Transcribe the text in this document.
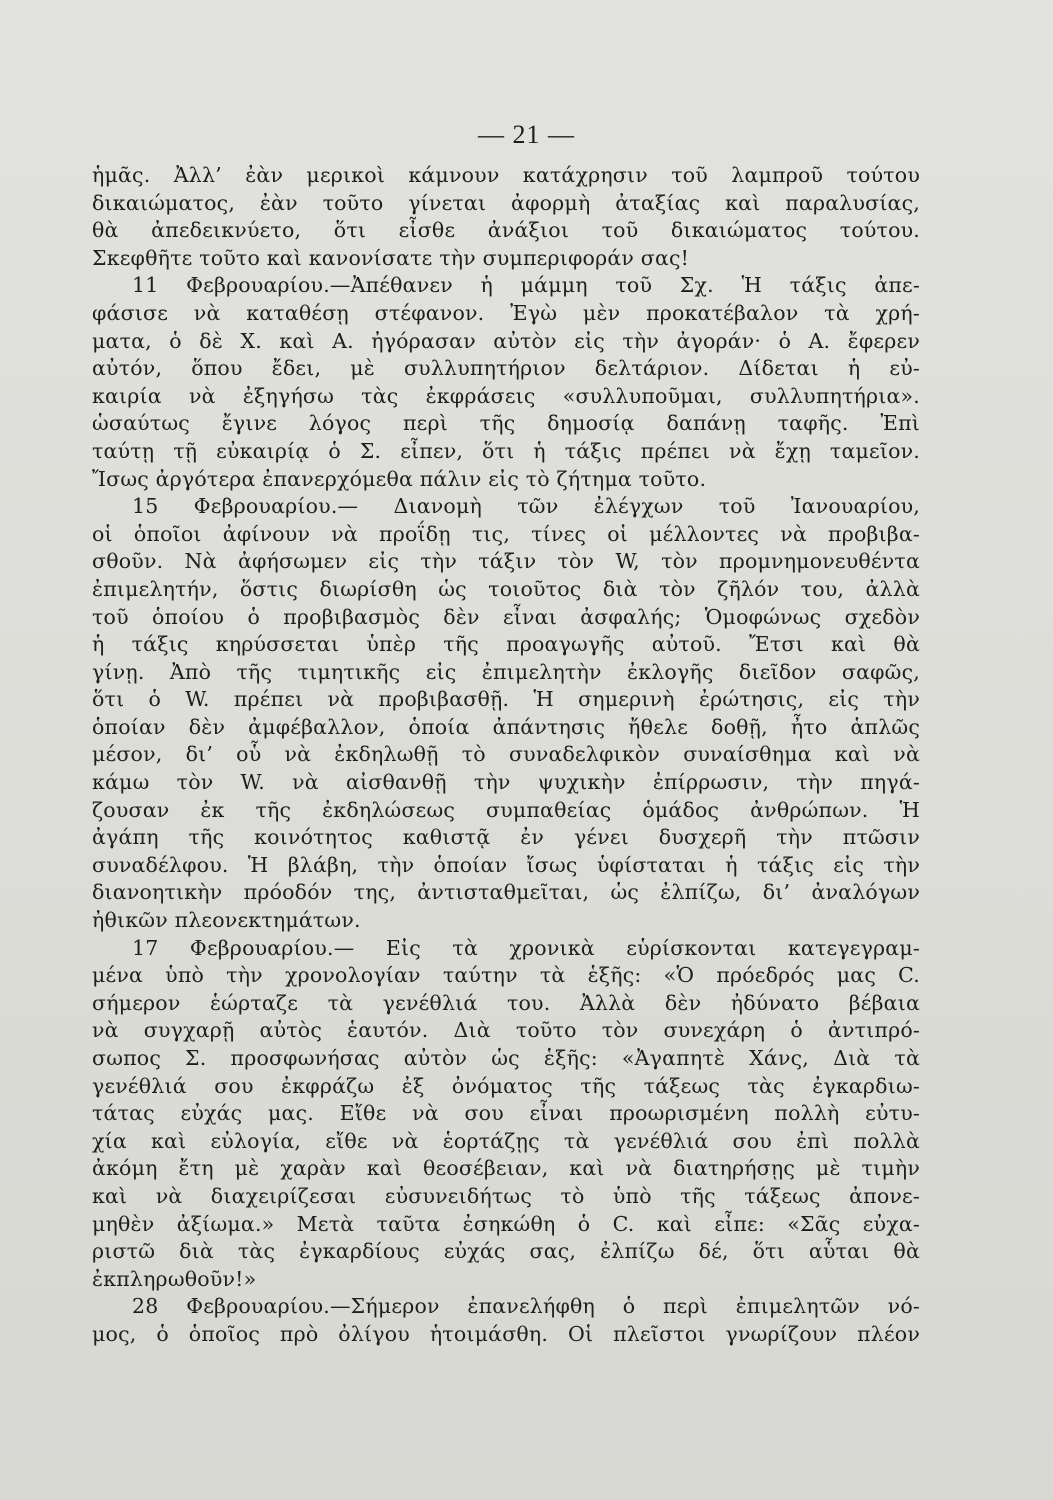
— 21 —
ἡμᾶς. Ἀλλ’ ἐὰν μερικοὶ κάμνουν κατάχρησιν τοῦ λαμπροῦ τούτου
δικαιώματος, ἐὰν τοῦτο γίνεται ἀφορμὴ ἀταξίας καὶ παραλυσίας,
θὰ ἀπεδεικνύετο, ὅτι εἶσθε ἀνάξιοι τοῦ δικαιώματος τούτου.
Σκεφθῆτε τοῦτο καὶ κανονίσατε τὴν συμπεριφοράν σας!
11 Φεβρουαρίου.—Ἀπέθανεν ἡ μάμμη τοῦ Σχ. Ἡ τάξις ἀπε-
φάσισε νὰ καταθέσῃ στέφανον. Ἐγὼ μὲν προκατέβαλον τὰ χρή-
ματα, ὁ δὲ Χ. καὶ Α. ἠγόρασαν αὐτὸν εἰς τὴν ἀγοράν· ὁ Α. ἔφερεν
αὐτόν, ὅπου ἔδει, μὲ συλλυπητήριον δελτάριον. Δίδεται ἡ εὐ-
καιρία νὰ ἐξηγήσω τὰς ἐκφράσεις «συλλυποῦμαι, συλλυπητήρια».
ὡσαύτως ἔγινε λόγος περὶ τῆς δημοσίᾳ δαπάνῃ ταφῆς. Ἐπὶ
ταύτῃ τῇ εὐκαιρίᾳ ὁ Σ. εἶπεν, ὅτι ἡ τάξις πρέπει νὰ ἔχῃ ταμεῖον.
Ἴσως ἀργότερα ἐπανερχόμεθα πάλιν εἰς τὸ ζήτημα τοῦτο.
15 Φεβρουαρίου.— Διανομὴ τῶν ἐλέγχων τοῦ Ἰανουαρίου,
οἱ ὁποῖοι ἀφίνουν νὰ προΐδῃ τις, τίνες οἱ μέλλοντες νὰ προβιβα-
σθοῦν. Νὰ ἀφήσωμεν εἰς τὴν τάξιν τὸν W, τὸν προμνημονευθέντα
ἐπιμελητήν, ὅστις διωρίσθη ὡς τοιοῦτος διὰ τὸν ζῆλόν του, ἀλλὰ
τοῦ ὁποίου ὁ προβιβασμὸς δὲν εἶναι ἀσφαλής; Ὁμοφώνως σχεδὸν
ἡ τάξις κηρύσσεται ὑπὲρ τῆς προαγωγῆς αὐτοῦ. Ἔτσι καὶ θὰ
γίνῃ. Ἀπὸ τῆς τιμητικῆς εἰς ἐπιμελητὴν ἐκλογῆς διεῖδον σαφῶς,
ὅτι ὁ W. πρέπει νὰ προβιβασθῇ. Ἡ σημερινὴ ἐρώτησις, εἰς τὴν
ὁποίαν δὲν ἀμφέβαλλον, ὁποία ἀπάντησις ἤθελε δοθῇ, ἦτο ἁπλῶς
μέσον, δι’ οὗ νὰ ἐκδηλωθῇ τὸ συναδελφικὸν συναίσθημα καὶ νὰ
κάμω τὸν W. νὰ αἰσθανθῇ τὴν ψυχικὴν ἐπίρρωσιν, τὴν πηγά-
ζουσαν ἐκ τῆς ἐκδηλώσεως συμπαθείας ὁμάδος ἀνθρώπων. Ἡ
ἀγάπη τῆς κοινότητος καθιστᾷ ἐν γένει δυσχερῆ τὴν πτῶσιν
συναδέλφου. Ἡ βλάβη, τὴν ὁποίαν ἴσως ὑφίσταται ἡ τάξις εἰς τὴν
διανοητικὴν πρόοδόν της, ἀντισταθμεῖται, ὡς ἐλπίζω, δι’ ἀναλόγων
ἠθικῶν πλεονεκτημάτων.
17 Φεβρουαρίου.— Εἰς τὰ χρονικὰ εὑρίσκονται κατεγεγραμ-
μένα ὑπὸ τὴν χρονολογίαν ταύτην τὰ ἑξῆς: «Ὁ πρόεδρός μας C.
σήμερον ἑώρταζε τὰ γενέθλιά του. Ἀλλὰ δὲν ἠδύνατο βέβαια
νὰ συγχαρῇ αὐτὸς ἑαυτόν. Διὰ τοῦτο τὸν συνεχάρη ὁ ἀντιπρό-
σωπος Σ. προσφωνήσας αὐτὸν ὡς ἑξῆς: «Ἀγαπητὲ Χάνς, Διὰ τὰ
γενέθλιά σου ἐκφράζω ἐξ ὀνόματος τῆς τάξεως τὰς ἐγκαρδιω-
τάτας εὐχάς μας. Εἴθε νὰ σου εἶναι προωρισμένη πολλὴ εὐτυ-
χία καὶ εὐλογία, εἴθε νὰ ἑορτάζῃς τὰ γενέθλιά σου ἐπὶ πολλὰ
ἀκόμη ἔτη μὲ χαρὰν καὶ θεοσέβειαν, καὶ νὰ διατηρήσῃς μὲ τιμὴν
καὶ νὰ διαχειρίζεσαι εὐσυνειδήτως τὸ ὑπὸ τῆς τάξεως ἀπονε-
μηθὲν ἀξίωμα.» Μετὰ ταῦτα ἐσηκώθη ὁ C. καὶ εἶπε: «Σᾶς εὐχα-
ριστῶ διὰ τὰς ἐγκαρδίους εὐχάς σας, ἐλπίζω δέ, ὅτι αὗται θὰ
ἐκπληρωθοῦν!»
28 Φεβρουαρίου.—Σήμερον ἐπανελήφθη ὁ περὶ ἐπιμελητῶν νό-
μος, ὁ ὁποῖος πρὸ ὀλίγου ἡτοιμάσθη. Οἱ πλεῖστοι γνωρίζουν πλέον
